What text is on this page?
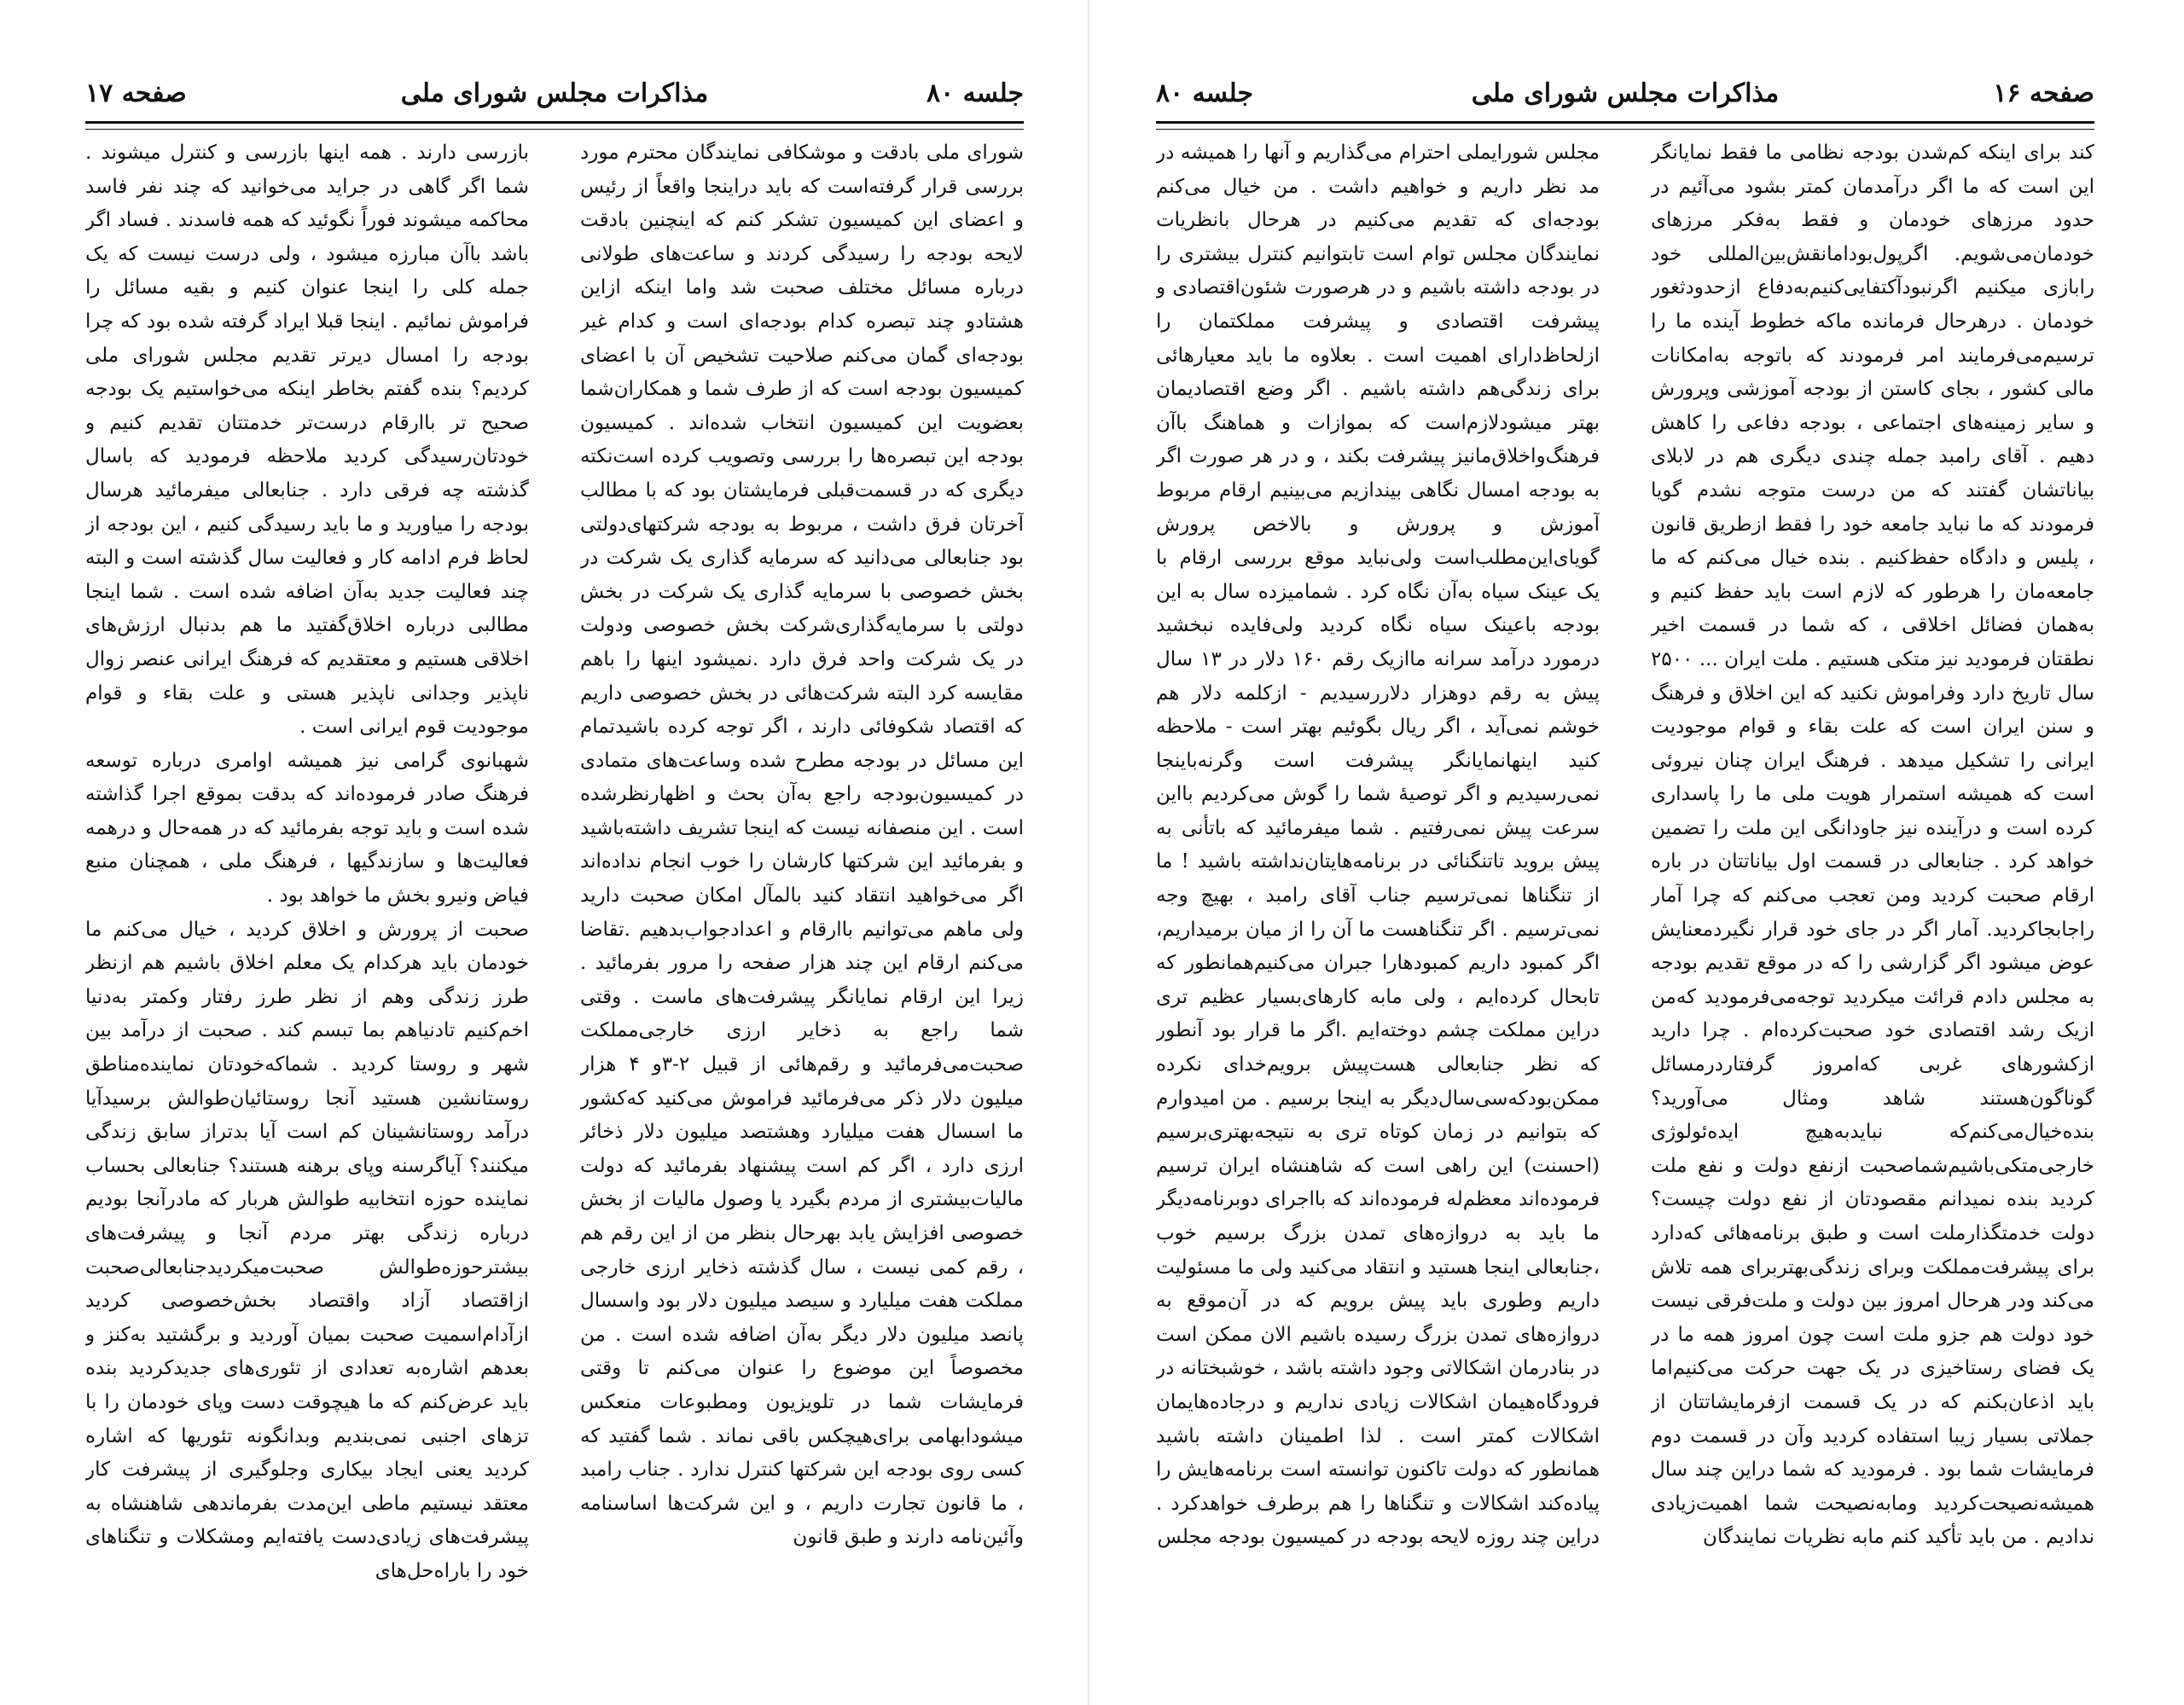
صفحه ۱۷	مذاکرات مجلس شورای ملی	جلسه ۸۰

شورای ملی بادقت و موشکافی نمایندگان محترم مورد بررسی قرار گرفته‌است که باید دراینجا واقعاً از رئیس و اعضای این کمیسیون تشکر کنم که اینچنین بادقت لایحه بودجه را رسیدگی کردند و ساعت‌های طولانی درباره مسائل مختلف صحبت شد واما اینکه ازاین هشتادو چند تبصره کدام بودجه‌ای است و کدام غیر بودجه‌ای گمان می‌کنم صلاحیت تشخیص آن با اعضای کمیسیون بودجه است که از طرف شما و همکاران‌شما بعضویت این کمیسیون انتخاب شده‌اند . کمیسیون بودجه این تبصره‌ها را بررسی وتصویب کرده است‌نکته دیگری که در قسمت‌قبلی فرمایشتان بود که با مطالب آخرتان فرق داشت ، مربوط به بودجه شرکتهای‌دولتی بود جنابعالی می‌دانید که سرمایه گذاری یک شرکت در بخش خصوصی با سرمایه گذاری یک شرکت در بخش دولتی با سرمایه‌گذاری‌شرکت بخش خصوصی ودولت در یک شرکت واحد فرق دارد .نمیشود اینها را باهم مقایسه کرد البته شرکت‌هائی در بخش خصوصی داریم که اقتصاد شکوفائی دارند ، اگر توجه کرده باشیدتمام این مسائل در بودجه مطرح شده وساعت‌های متمادی در کمیسیون‌بودجه راجع به‌آن بحث و اظهارنظرشده است . این منصفانه نیست که اینجا تشریف داشته‌باشید و بفرمائید این شرکتها کارشان را خوب انجام نداده‌اند اگر می‌خواهید انتقاد کنید بالمآل امکان صحبت دارید ولی ماهم می‌توانیم باارقام و اعدادجواب‌بدهیم .تقاضا می‌کنم ارقام این چند هزار صفحه را مرور بفرمائید . زیرا این ارقام نمایانگر پیشرفت‌های ماست . وقتی شما راجع به ذخایر ارزی خارجی‌مملکت صحبت‌می‌فرمائید و رقم‌هائی از قبیل ۲-۳و ۴ هزار میلیون دلار ذکر می‌فرمائید فراموش می‌کنید که‌کشور ما اسسال هفت میلیارد وهشتصد میلیون دلار ذخائر ارزی دارد ، اگر کم است پیشنهاد بفرمائید که دولت مالیات‌بیشتری از مردم بگیرد یا وصول مالیات از بخش خصوصی افزایش یابد بهرحال بنظر من از این رقم هم ، رقم کمی نیست ، سال گذشته ذخایر ارزی خارجی مملکت هفت میلیارد و سیصد میلیون دلار بود واسسال پانصد میلیون دلار دیگر به‌آن اضافه شده است . من مخصوصاً این موضوع را عنوان می‌کنم تا وقتی فرمایشات شما در تلویزیون ومطبوعات منعکس میشود‌ابهامی برای‌هیچکس باقی نماند . شما گفتید که کسی روی بودجه این شرکتها کنترل ندارد . جناب رامبد ، ما قانون تجارت داریم ، و این شرکت‌ها اساسنامه وآئین‌نامه دارند و طبق قانون

بازرسی دارند . همه اینها بازرسی و کنترل میشوند . شما اگر گاهی در جراید می‌خوانید که چند نفر فاسد محاکمه میشوند فوراً نگوئید که همه فاسدند . فساد اگر باشد باآن مبارزه میشود ، ولی درست نیست که یک جمله کلی را اینجا عنوان کنیم و بقیه مسائل را فراموش نمائیم . اینجا قبلا ایراد گرفته شده بود که چرا بودجه را امسال دیرتر تقدیم مجلس شورای ملی کردیم؟ بنده گفتم بخاطر اینکه می‌خواستیم یک بودجه صحیح تر باارقام درست‌تر خدمتتان تقدیم کنیم و خودتان‌رسیدگی کردید ملاحظه فرمودید که باسال گذشته چه فرقی دارد . جنابعالی میفرمائید هرسال بودجه را میاورید و ما باید رسیدگی کنیم ، این بودجه از لحاظ فرم ادامه کار و فعالیت سال گذشته است و البته چند فعالیت جدید به‌آن اضافه شده است . شما اینجا مطالبی درباره اخلاق‌گفتید ما هم بدنبال ارزش‌های اخلاقی هستیم و معتقدیم که فرهنگ ایرانی عنصر زوال ناپذیر وجدانی ناپذیر هستی و علت بقاء و قوام موجودیت قوم ایرانی است .

شهبانوی گرامی نیز همیشه اوامری درباره توسعه فرهنگ صادر فرموده‌اند که بدقت بموقع اجرا گذاشته شده است و باید توجه بفرمائید که در همه‌حال و درهمه فعالیت‌ها و سازندگیها ، فرهنگ ملی ، همچنان منبع فیاض ونیرو بخش ما خواهد بود .

صحبت از پرورش و اخلاق کردید ، خیال می‌کنم ما خودمان باید هرکدام یک معلم اخلاق باشیم هم ازنظر طرز زندگی وهم از نظر طرز رفتار وکمتر به‌دنیا اخم‌کنیم تادنیاهم بما تبسم کند . صحبت از درآمد بین شهر و روستا کردید . شماکه‌خودتان نماینده‌مناطق روستانشین هستید آنجا روستائیان‌طوالش برسید‌آیا درآمد روستانشینان کم است آیا بدتراز سابق زندگی میکنند؟ آیاگرسنه وپای برهنه هستند؟ جنابعالی بحساب نماینده حوزه انتخابیه طوالش هربار که مادرآنجا بودیم درباره زندگی بهتر مردم آنجا و پیشرفت‌های بیشترحوزه‌طوالش صحبت‌میکردید‌جنابعالی‌صحبت ازاقتصاد آزاد واقتصاد بخش‌خصوصی کردید ازآدام‌اسمیت صحبت بمیان آوردید و برگشتید به‌کنز و بعدهم اشاره‌به تعدادی از تئوری‌های جدیدکردید بنده باید عرض‌کنم که ما هیچوقت دست وپای خودمان را با تزهای اجنبی نمی‌بندیم وبدانگونه تئوریها که اشاره کردید یعنی ایجاد بیکاری وجلوگیری از پیشرفت کار معتقد نیستیم ماطی این‌مدت بفرماندهی شاهنشاه به پیشرفت‌های زیادی‌دست یافته‌ایم ومشکلات و تنگناهای خود را باراه‌حل‌های

جلسه ۸۰	مذاکرات مجلس شورای ملی	صفحه ۱۶

کند برای اینکه کم‌شدن بودجه نظامی ما فقط نمایانگر این است که ما اگر درآمدمان کمتر بشود می‌آئیم در حدود مرزهای خودمان و فقط به‌فکر مرزهای خودمان‌می‌شویم. اگرپول‌بوداما‌نقش‌بین‌المللی خود رابازی میکنیم اگرنبودآ‌کتفایی‌کنیم‌به‌دفاع ازحدودثغور خودمان . درهرحال فرمانده ماکه خطوط آینده ما را ترسیم‌می‌فرمایند امر فرمودند که باتوجه به‌امکانات مالی کشور ، بجای کاستن از بودجه آموزشی وپرورش و سایر زمینه‌های اجتماعی ، بودجه دفاعی را کاهش دهیم . آقای رامبد جمله چندی دیگری هم در لابلای بیاناتشان گفتند که من درست متوجه نشدم گویا فرمودند که ما نباید جامعه خود را فقط ازطریق قانون ، پلیس و دادگاه حفظ‌کنیم . بنده خیال می‌کنم که ما جامعه‌مان را هرطور که لازم است باید حفظ کنیم و به‌همان فضائل اخلاقی ، که شما در قسمت اخیر نطقتان فرمودید نیز متکی هستیم . ملت ایران ... ۲۵۰۰ سال تاریخ دارد وفراموش نکنید که این اخلاق و فرهنگ و سنن ایران است که علت بقاء و قوام موجودیت ایرانی را تشکیل میدهد . فرهنگ ایران چنان نیروئی است که همیشه استمرار هویت ملی ما را پاسداری کرده است و درآینده نیز جاودانگی این ملت را تضمین خواهد کرد . جنابعالی در قسمت اول بیاناتتان در باره ارقام صحبت کردید ومن تعجب می‌کنم که چرا آمار راجابجاکردید. آمار اگر در جای خود قرار نگیرد‌معنایش عوض میشود اگر گزارشی را که در موقع تقدیم بودجه به مجلس دادم قرائت میکردید توجه‌می‌فرمودید که‌من ازیک رشد اقتصادی خود صحبت‌کرده‌ام . چرا دارید ازکشورهای غربی که‌امروز گرفتاردرمسائل گوناگون‌هستند شاهد ومثال می‌آورید؟ بنده‌خیال‌می‌کنم‌که نبایدبه‌هیچ ایده‌ئولوژی خارجی‌متکی‌باشیم‌شماصحبت ازنفع دولت و نفع ملت کردید بنده نمیدانم مقصودتان از نفع دولت چیست؟ دولت خدمتگذارملت است و طبق برنامه‌هائی که‌دارد برای پیشرفت‌مملکت وبرای زندگی‌بهتربرای همه تلاش می‌کند ودر هرحال امروز بین دولت و ملت‌فرقی نیست خود دولت هم جزو ملت است چون امروز همه ما در یک فضای رستاخیزی در یک جهت حرکت می‌کنیم‌اما باید اذعان‌بکنم که در یک قسمت ازفرمایشاتتان از جملاتی بسیار زیبا استفاده کردید وآن در قسمت دوم فرمایشات شما بود . فرمودید که شما دراین چند سال همیشه‌نصیحت‌کردید ومابه‌نصیحت شما اهمیت‌زیادی ندادیم . من باید تأکید کنم مابه نظریات نمایندگان

مجلس شورایملی احترام می‌گذاریم و آنها را همیشه در مد نظر داریم و خواهیم داشت . من خیال می‌کنم بودجه‌ای که تقدیم می‌کنیم در هرحال بانظریات نمایندگان مجلس توام است تابتوانیم کنترل بیشتری را در بودجه داشته باشیم و در هرصورت شئون‌اقتصادی و پیشرفت اقتصادی و پیشرفت مملکتمان را ازلحاظ‌دارای اهمیت است . بعلاوه ما باید معیارهائی برای زندگی‌هم داشته باشیم . اگر وضع اقتصادیمان بهتر میشودلازم‌است که بموازات و هماهنگ باآن فرهنگ‌واخلاق‌مانیز پیشرفت بکند ، و در هر صورت اگر به بودجه امسال نگاهی بیندازیم می‌بینیم ارقام مربوط آموزش و پرورش و بالاخص پرورش گویای‌این‌مطلب‌است ولی‌نباید موقع بررسی ارقام با یک عینک سیاه به‌آن نگاه کرد . شمامیزده سال به این بودجه باعینک سیاه نگاه کردید ولی‌فایده نبخشید درمورد درآمد سرانه ماازیک رقم ۱۶۰ دلار در ۱۳ سال پیش به رقم دوهزار دلاررسیدیم - ازکلمه دلار هم خوشم نمی‌آید ، اگر ریال بگوئیم بهتر است - ملاحظه کنید اینهانمایانگر پیشرفت است وگرنه‌باینجا نمی‌رسیدیم و اگر توصیهٔ شما را گوش می‌کردیم بااین سرعت پیش نمی‌رفتیم . شما میفرمائید که باتأنی به پیش بروید تاتنگنائی در برنامه‌هایتان‌نداشته باشید ! ما از تنگناها نمی‌ترسیم جناب آقای رامبد ، بهیچ وجه نمی‌ترسیم . اگر تنگنا‌هست ما آن را از میان برمیداریم، اگر کمبود داریم کمبودهارا جبران می‌کنیم‌همانطور که تابحال کرده‌ایم ، ولی مابه کارهای‌بسیار عظیم تری دراین مملکت چشم دوخته‌ایم .اگر ما قرار بود آنطور که نظر جنابعالی هست‌پیش برویم‌خدای نکرده ممکن‌بود‌که‌سی‌سال‌دیگر به اینجا برسیم . من امیدوارم که بتوانیم در زمان کوتاه تری به نتیجه‌بهتری‌برسیم (احسنت) این راهی است که شاهنشاه ایران ترسیم فرموده‌اند معظم‌له فرموده‌اند که بااجرای دوبرنامه‌دیگر ما باید به دروازه‌های تمدن بزرگ برسیم خوب ،جنابعالی اینجا هستید و انتقاد می‌کنید ولی ما مسئولیت داریم وطوری باید پیش برویم که در آن‌موقع به دروازه‌های تمدن بزرگ رسیده باشیم الان ممکن است در بنادرمان اشکالاتی وجود داشته باشد ، خوشبختانه در فرودگاه‌هیمان اشکالات زیادی نداریم و درجاده‌هایمان اشکالات کمتر است . لذا اطمینان داشته باشید همانطور که دولت تاکنون توانسته است برنامه‌هایش را پیاده‌کند اشکالات و تنگناها را هم برطرف خواهد‌کرد . دراین چند روزه لایحه بودجه در کمیسیون بودجه مجلس
